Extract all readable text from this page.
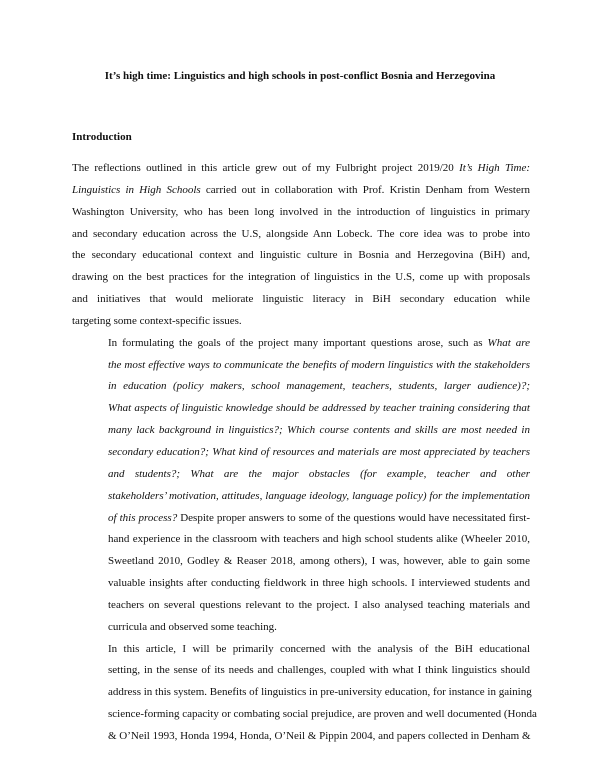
It’s high time: Linguistics and high schools in post-conflict Bosnia and Herzegovina
Introduction

The reflections outlined in this article grew out of my Fulbright project 2019/20 It’s High Time:
Linguistics in High Schools carried out in collaboration with Prof. Kristin Denham from Western
Washington University, who has been long involved in the introduction of linguistics in primary
and secondary education across the U.S, alongside Ann Lobeck. The core idea was to probe into
the secondary educational context and linguistic culture in Bosnia and Herzegovina (BiH) and,
drawing on the best practices for the integration of linguistics in the U.S, come up with proposals
and initiatives that would meliorate linguistic literacy in BiH secondary education while
targeting some context-specific issues.

In formulating the goals of the project many important questions arose, such as What are
the most effective ways to communicate the benefits of modern linguistics with the stakeholders
in education (policy makers, school management, teachers, students, larger audience)?;
What aspects of linguistic knowledge should be addressed by teacher training considering that
many lack background in linguistics?; Which course contents and skills are most needed in
secondary education?; What kind of resources and materials are most appreciated by teachers
and students?; What are the major obstacles (for example, teacher and other
stakeholders’ motivation, attitudes, language ideology, language policy) for the implementation
of this process? Despite proper answers to some of the questions would have necessitated first-
hand experience in the classroom with teachers and high school students alike (Wheeler 2010,
Sweetland 2010, Godley & Reaser 2018, among others), I was, however, able to gain some
valuable insights after conducting fieldwork in three high schools. I interviewed students and
teachers on several questions relevant to the project. I also analysed teaching materials and
curricula and observed some teaching.

In this article, I will be primarily concerned with the analysis of the BiH educational
setting, in the sense of its needs and challenges, coupled with what I think linguistics should
address in this system. Benefits of linguistics in pre-university education, for instance in gaining
science-forming capacity or combating social prejudice, are proven and well documented (Honda
& O’Neil 1993, Honda 1994, Honda, O’Neil & Pippin 2004, and papers collected in Denham &
